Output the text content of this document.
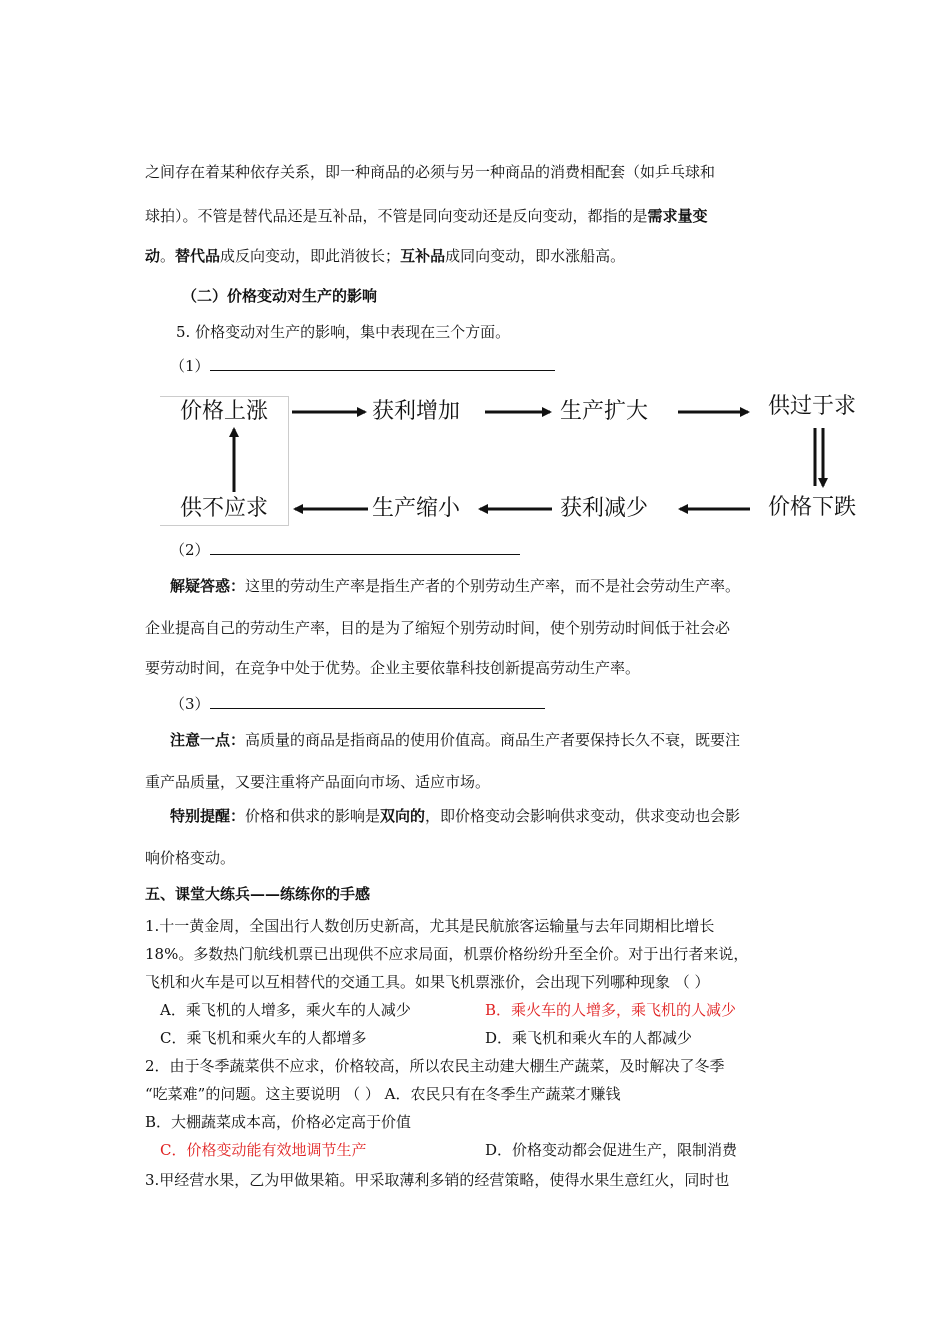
之间存在着某种依存关系，即一种商品的必须与另一种商品的消费相配套（如乒乓球和
球拍）。不管是替代品还是互补品，不管是同向变动还是反向变动，都指的是需求量变
动。替代品成反向变动，即此消彼长；互补品成同向变动，即水涨船高。
（二）价格变动对生产的影响
5. 价格变动对生产的影响，集中表现在三个方面。
（1）
价格上涨	获利增加	生产扩大	供过于求
价格下跌
获利减少
生产缩小
供不应求
（2）
解疑答惑：这里的劳动生产率是指生产者的个别劳动生产率，而不是社会劳动生产率。
企业提高自己的劳动生产率，目的是为了缩短个别劳动时间，使个别劳动时间低于社会必
要劳动时间，在竞争中处于优势。企业主要依靠科技创新提高劳动生产率。
（3）
注意一点：高质量的商品是指商品的使用价值高。商品生产者要保持长久不衰，既要注
重产品质量，又要注重将产品面向市场、适应市场。
特别提醒：价格和供求的影响是双向的，即价格变动会影响供求变动，供求变动也会影
响价格变动。
五、课堂大练兵——练练你的手感
1.十一黄金周，全国出行人数创历史新高，尤其是民航旅客运输量与去年同期相比增长
18%。多数热门航线机票已出现供不应求局面，机票价格纷纷升至全价。对于出行者来说，
飞机和火车是可以互相替代的交通工具。如果飞机票涨价，会出现下列哪种现象 （ ）
A．乘飞机的人增多，乘火车的人减少	B．乘火车的人增多，乘飞机的人减少
C．乘飞机和乘火车的人都增多	D．乘飞机和乘火车的人都减少
2．由于冬季蔬菜供不应求，价格较高，所以农民主动建大棚生产蔬菜，及时解决了冬季
“吃菜难”的问题。这主要说明 （ ） A．农民只有在冬季生产蔬菜才赚钱
B．大棚蔬菜成本高，价格必定高于价值
C．价格变动能有效地调节生产	D．价格变动都会促进生产，限制消费
3.甲经营水果，乙为甲做果箱。甲采取薄利多销的经营策略，使得水果生意红火，同时也
